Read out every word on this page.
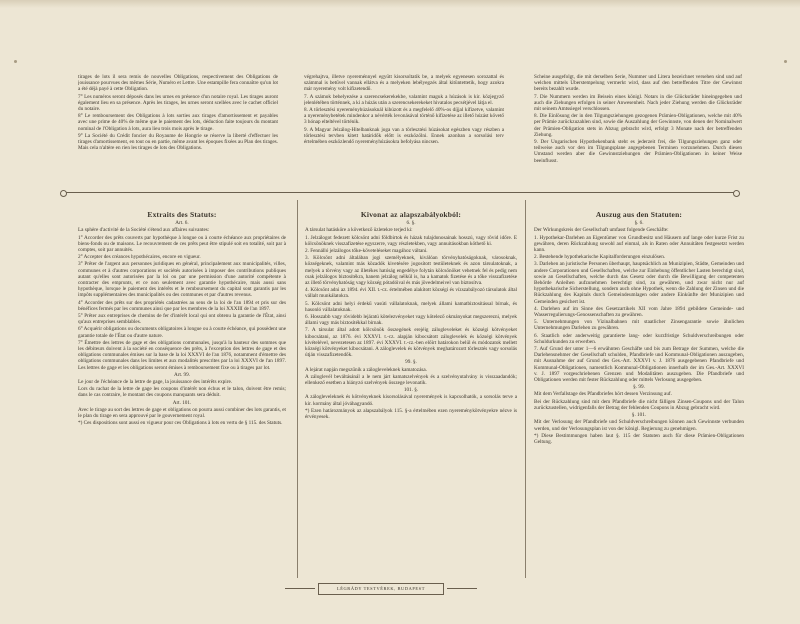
tirages de lots il sera remis de nouvelles Obligations, respectivement des Obligations de jouissance pourvues des mêmes Série, Numéro et Lettre. Une estampille fera connaître qu'un lot a été déjà payé à cette Obligation.

7° Les numéros seront déposés dans les urnes en présence d'un notaire royal. Les tirages auront également lieu en sa présence. Après les tirages, les urnes seront scellées avec le cachet officiel du notaire.

8° Le remboursement des Obligations à lots sorties aux tirages d'amortissement et payables avec une prime de 40% de même que le paiement des lots, déduction faite toujours du montant nominal de l'Obligation à lots, aura lieu trois mois après le tirage.

9° La Société du Crédit foncier du Royaume de Hongrie se réserve la liberté d'effectuer les tirages d'amortissement, en tout ou en partie, même avant les époques fixées au Plan des tirages. Mais cela n'altère en rien les tirages de lots des Obligations.

végrehajtva, illetve nyereménnyel együtt kisorsoltatik be, a melyek egyenesen sorozattal és számmal is betűvel vannak ellátva és a melyeken lebélyegzés által kitüntettetik, hogy azokra már nyeremény volt kifizetendő.

7. A számok behelyezése a szerencsekerekekbe, valamint maguk a húzások is kir. közjegyző jelenlétében történnek, a ki a húzás után a szerencsekerekeket hivatalos pecsétjével látja el.

8. A törlesztési nyereményhúzásoknál kihúzott és a megfelelő 40%-os díjjal kifizetve, valamint a nyereménybetétek mindenkor a névérték levonásával történő kifizetése az illető húzást követő 3 hónap elteltével történik.

9. A Magyar Jelzálog-Hitelbanknak joga van a törlesztési húzásokat egészben vagy részben a törlesztési tervben kitett határidők előtt is eszközölni. Ennek azonban a sorsolási terv értelmében eszközlendő nyereményhúzásokra befolyása nincsen.

Scheine ausgefolgt, die mit derselben Serie, Nummer und Litera bezeichnet versehen sind und auf welchen mittels Überstempelung vermerkt wird, dass auf den betreffenden Titre der Gewinnst bereits bezahlt wurde.

7. Die Nummern werden im Beisein eines königl. Notars in die Glücksräder hineingegeben und auch die Ziehungen erfolgen in seiner Anwesenheit. Nach jeder Ziehung werden die Glücksräder mit seinem Amtssiegel verschlossen.

8. Die Einlösung der in den Tilgungsziehungen gezogenen Prämien-Obligationen, welche mit 40% per Prämie zurückzuzahlen sind, sowie die Auszahlung der Gewinnste, von denen der Nominalwert der Prämien-Obligation stets in Abzug gebracht wird, erfolgt 3 Monate nach der betreffenden Ziehung.

9. Der Ungarischen Hypothekenbank steht es jederzeit frei, die Tilgungsziehungen ganz oder teilweise auch vor den im Tilgungsplane angegebenen Terminen vorzunehmen. Durch diesen Umstand werden aber die Gewinnstziehungen der Prämien-Obligationen in keiner Weise beeinflusst.

Extraits des Statuts:
Art. 6.

La sphère d'activité de la Société s'étend aux affaires suivantes:

1° Accorder des prêts couverts par hypothèque à longue ou à courte échéance aux propriétaires de biens-fonds ou de maisons. Le recouvrement de ces prêts peut être stipulé soit en totalité, soit par à comptes, soit par annuités.

2° Accepter des créances hypothécaires, encore en vigueur.

3° Prêter de l'argent aux personnes juridiques en général, principalement aux municipalités, villes, communes et à d'autres corporations et sociétés autorisées à imposer des contributions publiques autant qu'elles sont autorisées par la loi ou par une permission d'une autorité compétente à contracter des emprunts, et ce non seulement avec garantie hypothécaire, mais aussi sans hypothèque, lorsque le paiement des intérêts et le remboursement du capital sont garantis par les impôts supplémentaires des municipalités ou des communes et par d'autres revenus.

4° Accorder des prêts sur des propriétés cadastrées au sens de la loi de l'an 1894 et pris sur des bénéfices fermés par les communes ainsi que par les membres de la loi XXXIII de l'an 1897.

5° Prêter aux entreprises de chemins de fer d'intérêt local qui ont obtenu la garantie de l'État, ainsi qu'aux entreprises semblables.

6° Acquérir obligations ou documents obligatoires à longue ou à courte échéance, qui possèdent une garantie totale de l'État ou d'autre nature.

7° Émettre des lettres de gage et des obligations communales, jusqu'à la hauteur des sommes que les débiteurs doivent à la société en conséquence des prêts, à l'exception des lettres de gage et des obligations communales émises sur la base de la loi XXXVI de l'an 1876, notamment d'émettre des obligations communales dans les limites et aux modalités prescrites par la loi XXXVI de l'an 1897. Les lettres de gage et les obligations seront émises à remboursement fixe ou à tirages par lot.

Art. 99.

Le jour de l'échéance de la lettre de gage, la jouissance des intérêts expire.

Lors du rachat de la lettre de gage les coupons d'intérêt non échus et le talon, doivent être remis; dans le cas contraire, le montant des coupons manquants sera déduit.

Art. 101.

Avec le tirage au sort des lettres de gage et obligations on pourra aussi combiner des lots garantis, et le plan du tirage en sera approuvé par le gouvernement royal.

*) Ces dispositions sont aussi en vigueur pour ces Obligations à lots en vertu de § 115. des Statuts.

Kivonat az alapszabályokból:
6. §.

A társulat hatásköre a következő üzletekre terjed ki:

1. Jelzálogot fedezett kölcsönt adni földbirtok és házak tulajdonosainak hosszú, vagy rövid időre. E kölcsönöknek visszafizetése egyszerre, vagy részletekben, vagy annuitásokban köthető ki.

2. Fennálló jelzálogos tőke-követeléseket magához váltani.

3. Kölcsönt adni általában jogi személyeknek, kiválóan törvényhatóságoknak, városoknak, községeknek, valamint más közadók kivetésére jogosított testületeknek és azon társulatoknak, a melyek a törvény vagy az illetékes hatóság engedélye folytán kölcsönöket vehetnek fel és pedig nem csak jelzálogos biztosítékra, hanem jelzálog nélkül is, ha a kamatok fizetése és a tőke visszafizetése az illető törvényhatóság vagy község pótadóival és más jövedelmeivel van biztosítva.

4. Kölcsönt adni az 1894. évi XII. t.-cz. értelmében alakított községi és vízszabályozó társulatok által vállalt munkálatokra.

5. Kölcsönt adni helyi érdekű vasúti vállalatoknak, melyek állami kamatbiztosítással bírnak, és hasonló vállalatoknak.

6. Hosszabb vagy rövidebb lejáratú kötelezvényeket vagy kötelező okmányokat megszerezni, melyek állami vagy más biztosítékkal bírnak.

7. A társulat által adott kölcsönök összegének erejéig zálogleveleket és községi kötvényeket kibocsátani, az 1876. évi XXXVI. t.-cz. alapján kibocsátott záloglevelek és községi kötvények kivételével, nevezetesen az 1897. évi XXXVI. t.-cz.-ben előírt határokon belül és módozatok mellett községi kötvényeket kibocsátani. A záloglevelek és kötvények meghatározott törlesztés vagy sorsolás útján visszafizetendők.

99. §.

A lejárat napján megszűnik a zálogleveleknek kamatozása.

A záloglevél beváltásánál a le nem járt kamatszelvények és a szelvényutalvány is visszaadandók; ellenkező esetben a hiányzó szelvények összege levonatik.

101. §.

A zálogleveleknek és kötvényeknek kisorsolásával nyeremények is kapcsolhatók, a sorsolás terve a kir. kormány által jóváhagyandó.

*) Ezen határozmányok az alapszabályok 115. §-a értelmében ezen nyereménykötvényekre nézve is érvényesek.

Auszug aus den Statuten:
§. 6.

Der Wirkungskreis der Gesellschaft umfasst folgende Geschäfte:

1. Hypothekar-Darlehen an Eigentümer von Grundbesitz und Häusern auf lange oder kurze Frist zu gewähren, deren Rückzahlung sowohl auf einmal, als in Raten oder Annuitäten festgesetzt werden kann.

2. Bestehende hypothekarische Kapitalforderungen einzulösen.

3. Darlehen an juristische Personen überhaupt, hauptsächlich an Munizipien, Städte, Gemeinden und andere Corporationen und Gesellschaften, welche zur Einhebung öffentlicher Lasten berechtigt sind, sowie an Gesellschaften, welche durch das Gesetz oder durch die Bewilligung der competenten Behörde Anleihen aufzunehmen berechtigt sind, zu gewähren, und zwar nicht nur auf hypothekarische Sicherstellung, sondern auch ohne Hypothek, wenn die Zahlung der Zinsen und die Rückzahlung des Kapitals durch Gemeindeumlagen oder andere Einkünfte der Munizipien und Gemeinden gesichert ist.

4. Darlehen auf im Sinne des Gesetzartikels XII vom Jahre 1894 gebildete Gemeinde- und Wasserregulierungs-Genossenschaften zu gewähren.

5. Unternehmungen von Vizinalbahnen mit staatlicher Zinsengarantie sowie ähnlichen Unternehmungen Darlehen zu gewähren.

6. Staatlich oder anderweitig garantierte lang- oder kurzfristige Schuldverschreibungen oder Schuldurkunden zu erwerben.

7. Auf Grund der unter 1—6 erwähnten Geschäfte und bis zum Betrage der Summen, welche die Darlehensnehmer der Gesellschaft schulden, Pfandbriefe und Kommunal-Obligationen auszugeben, mit Ausnahme der auf Grund des Ges.-Art. XXXVI v. J. 1876 ausgegebenen Pfandbriefe und Kommunal-Obligationen, namentlich Kommunal-Obligationen innerhalb der im Ges.-Art. XXXVI v. J. 1897 vorgeschriebenen Grenzen und Modalitäten auszugeben. Die Pfandbriefe und Obligationen werden mit fester Rückzahlung oder mittels Verlosung ausgegeben.

§. 99.

Mit dem Verfallstage des Pfandbriefes hört dessen Verzinsung auf.

Bei der Rückzahlung sind mit dem Pfandbriefe die nicht fälligen Zinsen-Coupons und der Talon zurückzustellen, widrigenfalls der Betrag der fehlenden Coupons in Abzug gebracht wird.

§. 101.

Mit der Verlosung der Pfandbriefe und Schuldverschreibungen können auch Gewinnste verbunden werden, und der Verlosungsplan ist von der königl. Regierung zu genehmigen.

*) Diese Bestimmungen haben laut §. 115 der Statuten auch für diese Prämien-Obligationen Geltung.

LÉGRÁDY TESTVÉREK, BUDAPEST
